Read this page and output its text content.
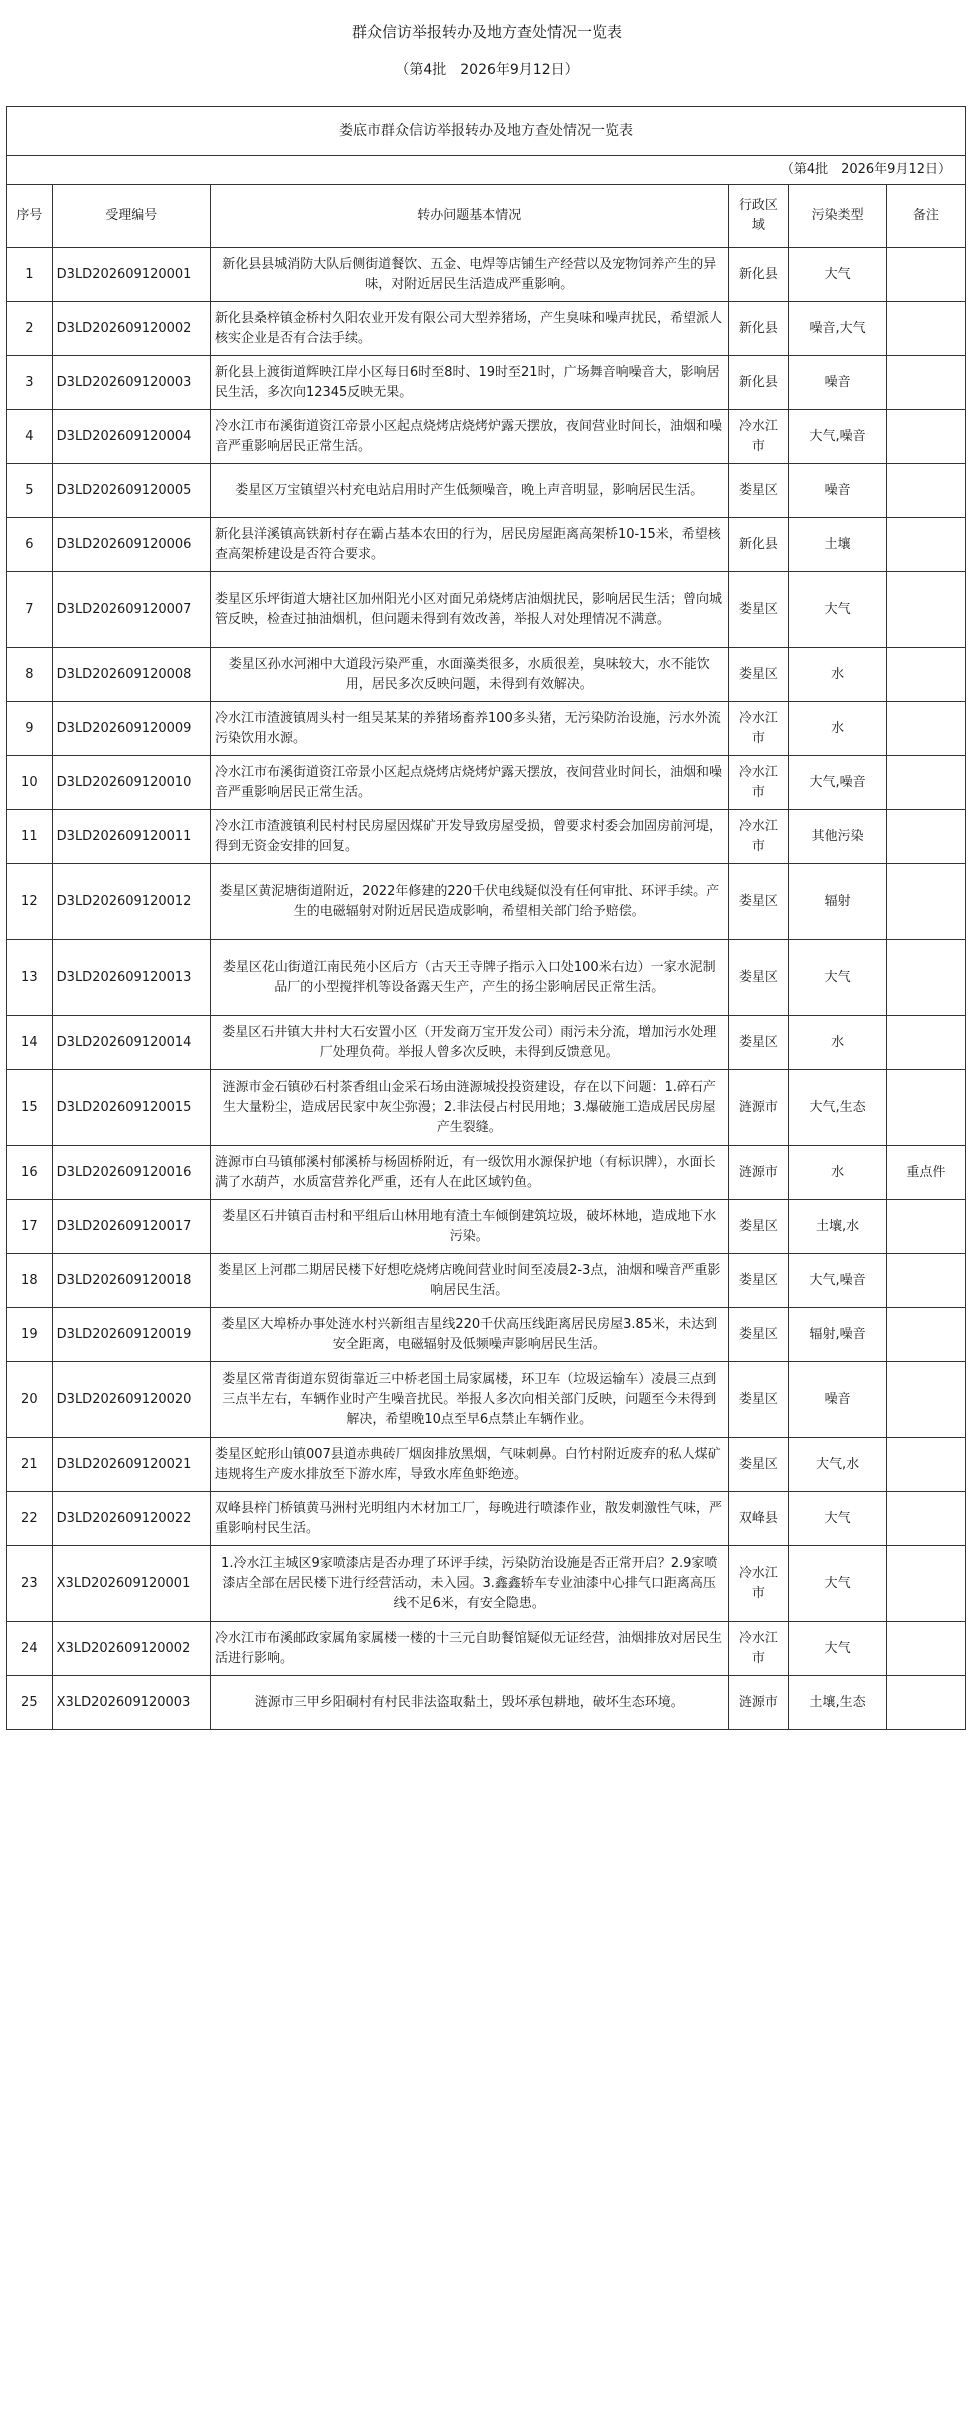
群众信访举报转办及地方查处情况一览表
（第4批　2026年9月12日）
娄底市群众信访举报转办及地方查处情况一览表					
（第4批　2026年9月12日）					
序号	受理编号	转办问题基本情况	行政区域	污染类型	备注
1	D3LD202609120001	新化县县城消防大队后侧街道餐饮、五金、电焊等店铺生产经营以及宠物饲养产生的异味，对附近居民生活造成严重影响。	新化县	大气	
2	D3LD202609120002	新化县桑梓镇金桥村久阳农业开发有限公司大型养猪场，产生臭味和噪声扰民，希望派人核实企业是否有合法手续。	新化县	噪音,大气	
3	D3LD202609120003	新化县上渡街道辉映江岸小区每日6时至8时、19时至21时，广场舞音响噪音大，影响居民生活，多次向12345反映无果。	新化县	噪音	
4	D3LD202609120004	冷水江市布溪街道资江帝景小区起点烧烤店烧烤炉露天摆放，夜间营业时间长，油烟和噪音严重影响居民正常生活。	冷水江市	大气,噪音	
5	D3LD202609120005	娄星区万宝镇望兴村充电站启用时产生低频噪音，晚上声音明显，影响居民生活。	娄星区	噪音	
6	D3LD202609120006	新化县洋溪镇高铁新村存在霸占基本农田的行为，居民房屋距离高架桥10-15米，希望核查高架桥建设是否符合要求。	新化县	土壤	
7	D3LD202609120007	娄星区乐坪街道大塘社区加州阳光小区对面兄弟烧烤店油烟扰民，影响居民生活；曾向城管反映，检查过抽油烟机，但问题未得到有效改善，举报人对处理情况不满意。	娄星区	大气	
8	D3LD202609120008	娄星区孙水河湘中大道段污染严重，水面藻类很多，水质很差，臭味较大，水不能饮用，居民多次反映问题，未得到有效解决。	娄星区	水	
9	D3LD202609120009	冷水江市渣渡镇周头村一组吴某某的养猪场畜养100多头猪，无污染防治设施，污水外流污染饮用水源。	冷水江市	水	
10	D3LD202609120010	冷水江市布溪街道资江帝景小区起点烧烤店烧烤炉露天摆放，夜间营业时间长，油烟和噪音严重影响居民正常生活。	冷水江市	大气,噪音	
11	D3LD202609120011	冷水江市渣渡镇利民村村民房屋因煤矿开发导致房屋受损，曾要求村委会加固房前河堤，得到无资金安排的回复。	冷水江市	其他污染	
12	D3LD202609120012	娄星区黄泥塘街道附近，2022年修建的220千伏电线疑似没有任何审批、环评手续。产生的电磁辐射对附近居民造成影响，希望相关部门给予赔偿。	娄星区	辐射	
13	D3LD202609120013	娄星区花山街道江南民苑小区后方（古天王寺牌子指示入口处100米右边）一家水泥制品厂的小型搅拌机等设备露天生产，产生的扬尘影响居民正常生活。	娄星区	大气	
14	D3LD202609120014	娄星区石井镇大井村大石安置小区（开发商万宝开发公司）雨污未分流，增加污水处理厂处理负荷。举报人曾多次反映，未得到反馈意见。	娄星区	水	
15	D3LD202609120015	涟源市金石镇砂石村茶香组山金采石场由涟源城投投资建设，存在以下问题：1.碎石产生大量粉尘，造成居民家中灰尘弥漫；2.非法侵占村民用地；3.爆破施工造成居民房屋产生裂缝。	涟源市	大气,生态	
16	D3LD202609120016	涟源市白马镇郁溪村郁溪桥与杨固桥附近，有一级饮用水源保护地（有标识牌），水面长满了水葫芦，水质富营养化严重，还有人在此区域钓鱼。	涟源市	水	重点件
17	D3LD202609120017	娄星区石井镇百击村和平组后山林用地有渣土车倾倒建筑垃圾，破坏林地，造成地下水污染。	娄星区	土壤,水	
18	D3LD202609120018	娄星区上河郡二期居民楼下好想吃烧烤店晚间营业时间至凌晨2-3点，油烟和噪音严重影响居民生活。	娄星区	大气,噪音	
19	D3LD202609120019	娄星区大埠桥办事处涟水村兴新组吉星线220千伏高压线距离居民房屋3.85米，未达到安全距离，电磁辐射及低频噪声影响居民生活。	娄星区	辐射,噪音	
20	D3LD202609120020	娄星区常青街道东贸街靠近三中桥老国土局家属楼，环卫车（垃圾运输车）凌晨三点到三点半左右，车辆作业时产生噪音扰民。举报人多次向相关部门反映，问题至今未得到解决，希望晚10点至早6点禁止车辆作业。	娄星区	噪音	
21	D3LD202609120021	娄星区蛇形山镇007县道赤典砖厂烟囱排放黑烟，气味刺鼻。白竹村附近废弃的私人煤矿违规将生产废水排放至下游水库，导致水库鱼虾绝迹。	娄星区	大气,水	
22	D3LD202609120022	双峰县梓门桥镇黄马洲村光明组内木材加工厂，每晚进行喷漆作业，散发刺激性气味，严重影响村民生活。	双峰县	大气	
23	X3LD202609120001	1.冷水江主城区9家喷漆店是否办理了环评手续，污染防治设施是否正常开启？2.9家喷漆店全部在居民楼下进行经营活动，未入园。3.鑫鑫轿车专业油漆中心排气口距离高压线不足6米，有安全隐患。	冷水江市	大气	
24	X3LD202609120002	冷水江市布溪邮政家属角家属楼一楼的十三元自助餐馆疑似无证经营，油烟排放对居民生活进行影响。	冷水江市	大气	
25	X3LD202609120003	涟源市三甲乡阳硐村有村民非法盗取黏土，毁坏承包耕地，破坏生态环境。	涟源市	土壤,生态	
